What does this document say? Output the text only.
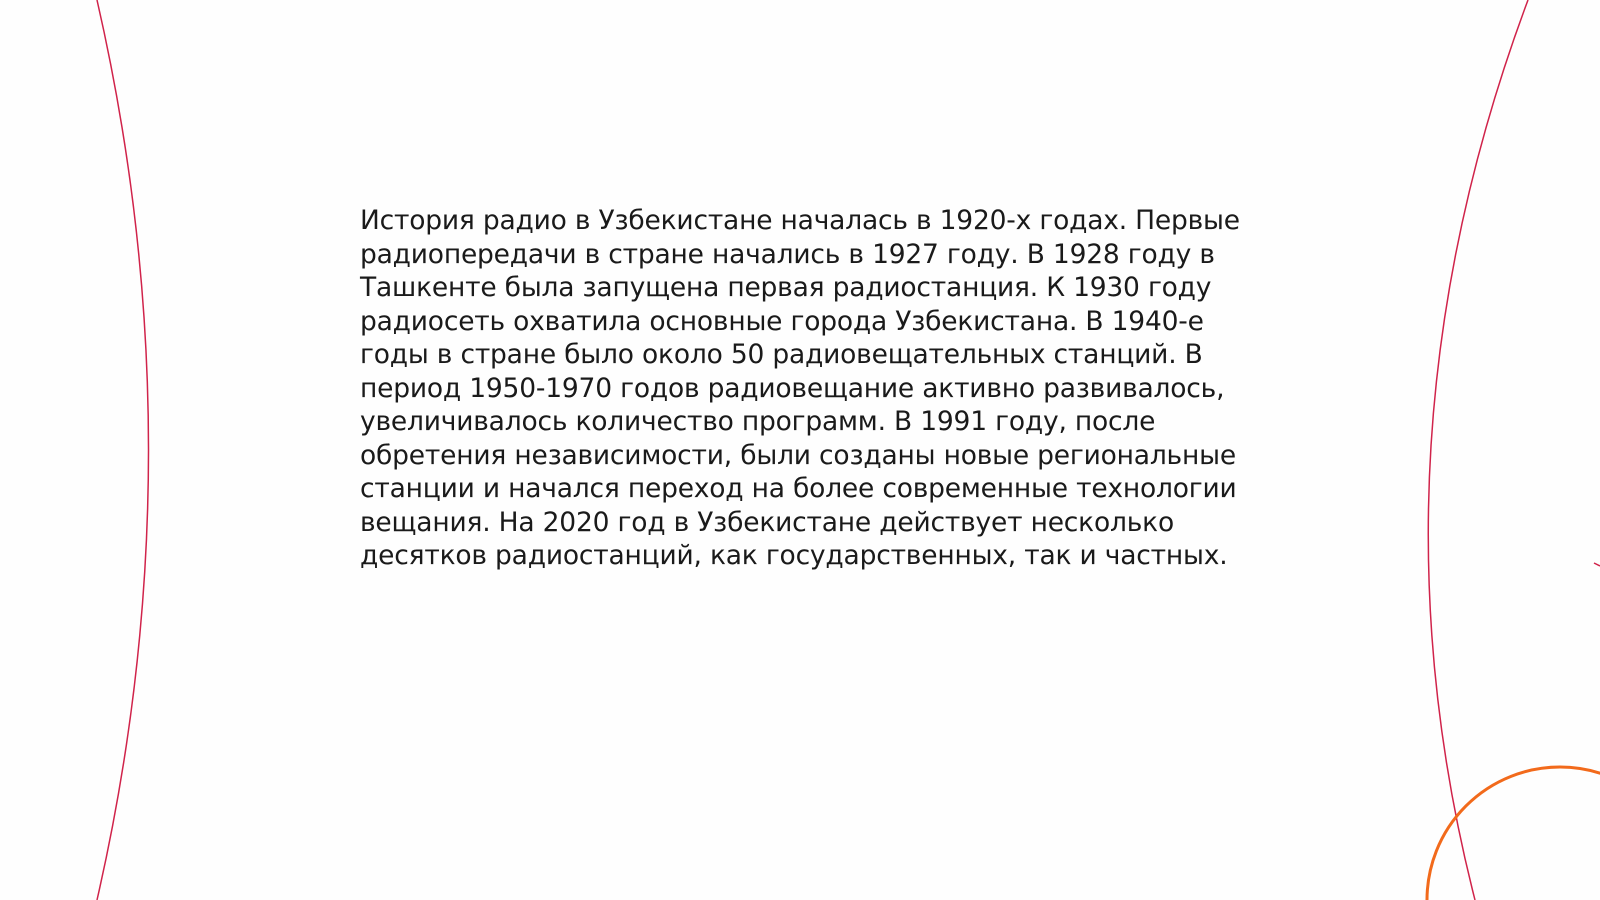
История радио в Узбекистане началась в 1920-х годах. Первые
радиопередачи в стране начались в 1927 году. В 1928 году в
Ташкенте была запущена первая радиостанция. К 1930 году
радиосеть охватила основные города Узбекистана. В 1940-е
годы в стране было около 50 радиовещательных станций. В
период 1950-1970 годов радиовещание активно развивалось,
увеличивалось количество программ. В 1991 году, после
обретения независимости, были созданы новые региональные
станции и начался переход на более современные технологии
вещания. На 2020 год в Узбекистане действует несколько
десятков радиостанций, как государственных, так и частных.
